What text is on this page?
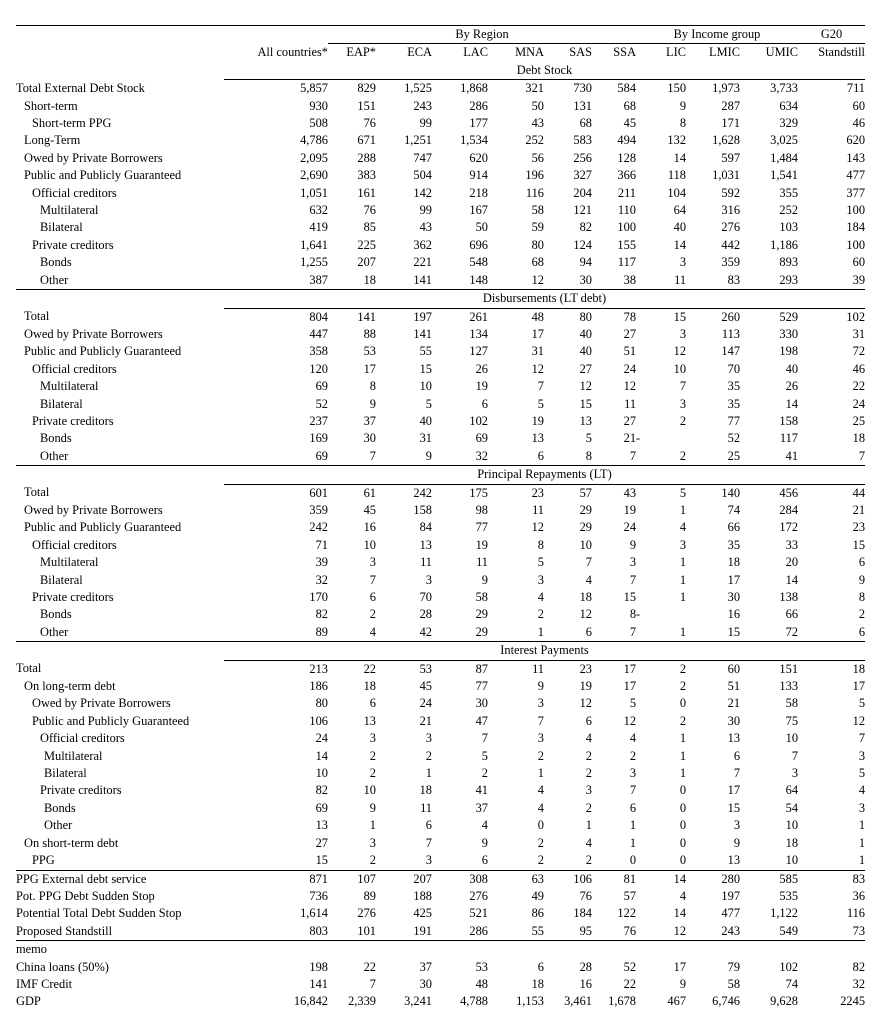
		By Region						By Income group			G20
	All countries*	EAP*	ECA	LAC	MNA	SAS	SSA	LIC	LMIC	UMIC	Standstill
	Debt Stock										
Total External Debt Stock	5,857	829	1,525	1,868	321	730	584	150	1,973	3,733	711
Short-term	930	151	243	286	50	131	68	9	287	634	60
Short-term PPG	508	76	99	177	43	68	45	8	171	329	46
Long-Term	4,786	671	1,251	1,534	252	583	494	132	1,628	3,025	620
Owed by Private Borrowers	2,095	288	747	620	56	256	128	14	597	1,484	143
Public and Publicly Guaranteed	2,690	383	504	914	196	327	366	118	1,031	1,541	477
Official creditors	1,051	161	142	218	116	204	211	104	592	355	377
Multilateral	632	76	99	167	58	121	110	64	316	252	100
Bilateral	419	85	43	50	59	82	100	40	276	103	184
Private creditors	1,641	225	362	696	80	124	155	14	442	1,186	100
Bonds	1,255	207	221	548	68	94	117	3	359	893	60
Other	387	18	141	148	12	30	38	11	83	293	39
	Disbursements (LT debt)										
Total	804	141	197	261	48	80	78	15	260	529	102
Owed by Private Borrowers	447	88	141	134	17	40	27	3	113	330	31
Public and Publicly Guaranteed	358	53	55	127	31	40	51	12	147	198	72
Official creditors	120	17	15	26	12	27	24	10	70	40	46
Multilateral	69	8	10	19	7	12	12	7	35	26	22
Bilateral	52	9	5	6	5	15	11	3	35	14	24
Private creditors	237	37	40	102	19	13	27	2	77	158	25
Bonds	169	30	31	69	13	5	21	-	52	117	18
Other	69	7	9	32	6	8	7	2	25	41	7
	Principal Repayments (LT)										
Total	601	61	242	175	23	57	43	5	140	456	44
Owed by Private Borrowers	359	45	158	98	11	29	19	1	74	284	21
Public and Publicly Guaranteed	242	16	84	77	12	29	24	4	66	172	23
Official creditors	71	10	13	19	8	10	9	3	35	33	15
Multilateral	39	3	11	11	5	7	3	1	18	20	6
Bilateral	32	7	3	9	3	4	7	1	17	14	9
Private creditors	170	6	70	58	4	18	15	1	30	138	8
Bonds	82	2	28	29	2	12	8	-	16	66	2
Other	89	4	42	29	1	6	7	1	15	72	6
	Interest Payments										
Total	213	22	53	87	11	23	17	2	60	151	18
On long-term debt	186	18	45	77	9	19	17	2	51	133	17
Owed by Private Borrowers	80	6	24	30	3	12	5	0	21	58	5
Public and Publicly Guaranteed	106	13	21	47	7	6	12	2	30	75	12
Official creditors	24	3	3	7	3	4	4	1	13	10	7
Multilateral	14	2	2	5	2	2	2	1	6	7	3
Bilateral	10	2	1	2	1	2	3	1	7	3	5
Private creditors	82	10	18	41	4	3	7	0	17	64	4
Bonds	69	9	11	37	4	2	6	0	15	54	3
Other	13	1	6	4	0	1	1	0	3	10	1
On short-term debt	27	3	7	9	2	4	1	0	9	18	1
PPG	15	2	3	6	2	2	0	0	13	10	1
PPG External debt service	871	107	207	308	63	106	81	14	280	585	83
Pot. PPG Debt Sudden Stop	736	89	188	276	49	76	57	4	197	535	36
Potential Total Debt Sudden Stop	1,614	276	425	521	86	184	122	14	477	1,122	116
Proposed Standstill	803	101	191	286	55	95	76	12	243	549	73
memo											
China loans (50%)	198	22	37	53	6	28	52	17	79	102	82
IMF Credit	141	7	30	48	18	16	22	9	58	74	32
GDP	16,842	2,339	3,241	4,788	1,153	3,461	1,678	467	6,746	9,628	2245
